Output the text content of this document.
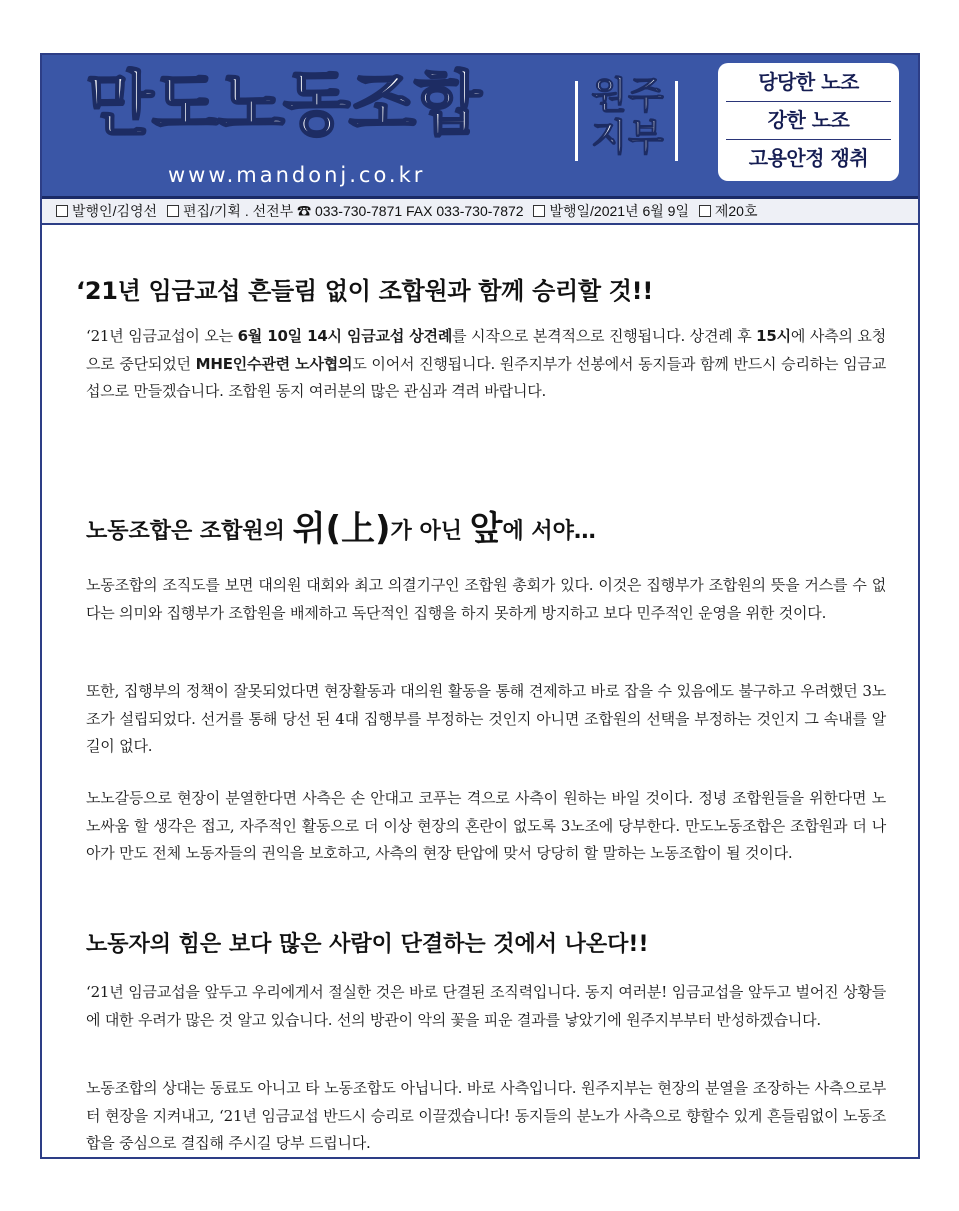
만도노동조합	원주
지부
www.mandonj.co.kr
당당한 노조
강한 노조
고용안정 쟁취
발행인/김영선 편집/기획 . 선전부 ☎ 033-730-7871 FAX 033-730-7872 발행일/2021년 6월 9일 제20호
‘21년 임금교섭 흔들림 없이 조합원과 함께 승리할 것!!

‘21년 임금교섭이 오는 6월 10일 14시 임금교섭 상견례를 시작으로 본격적으로 진행됩니다. 상견례 후 15시에 사측의 요청으로 중단되었던 MHE인수관련 노사협의도 이어서 진행됩니다. 원주지부가 선봉에서 동지들과 함께 반드시 승리하는 임금교섭으로 만들겠습니다. 조합원 동지 여러분의 많은 관심과 격려 바랍니다.

노동조합은 조합원의 위(上)가 아닌 앞에 서야…

노동조합의 조직도를 보면 대의원 대회와 최고 의결기구인 조합원 총회가 있다. 이것은 집행부가 조합원의 뜻을 거스를 수 없다는 의미와 집행부가 조합원을 배제하고 독단적인 집행을 하지 못하게 방지하고 보다 민주적인 운영을 위한 것이다.

또한, 집행부의 정책이 잘못되었다면 현장활동과 대의원 활동을 통해 견제하고 바로 잡을 수 있음에도 불구하고 우려했던 3노조가 설립되었다. 선거를 통해 당선 된 4대 집행부를 부정하는 것인지 아니면 조합원의 선택을 부정하는 것인지 그 속내를 알 길이 없다.

노노갈등으로 현장이 분열한다면 사측은 손 안대고 코푸는 격으로 사측이 원하는 바일 것이다. 정녕 조합원들을 위한다면 노노싸움 할 생각은 접고, 자주적인 활동으로 더 이상 현장의 혼란이 없도록 3노조에 당부한다. 만도노동조합은 조합원과 더 나아가 만도 전체 노동자들의 권익을 보호하고, 사측의 현장 탄압에 맞서 당당히 할 말하는 노동조합이 될 것이다.

노동자의 힘은 보다 많은 사람이 단결하는 것에서 나온다!!

‘21년 임금교섭을 앞두고 우리에게서 절실한 것은 바로 단결된 조직력입니다. 동지 여러분! 임금교섭을 앞두고 벌어진 상황들에 대한 우려가 많은 것 알고 있습니다. 선의 방관이 악의 꽃을 피운 결과를 낳았기에 원주지부부터 반성하겠습니다.

노동조합의 상대는 동료도 아니고 타 노동조합도 아닙니다. 바로 사측입니다. 원주지부는 현장의 분열을 조장하는 사측으로부터 현장을 지켜내고, ‘21년 임금교섭 반드시 승리로 이끌겠습니다! 동지들의 분노가 사측으로 향할수 있게 흔들림없이 노동조합을 중심으로 결집해 주시길 당부 드립니다.
